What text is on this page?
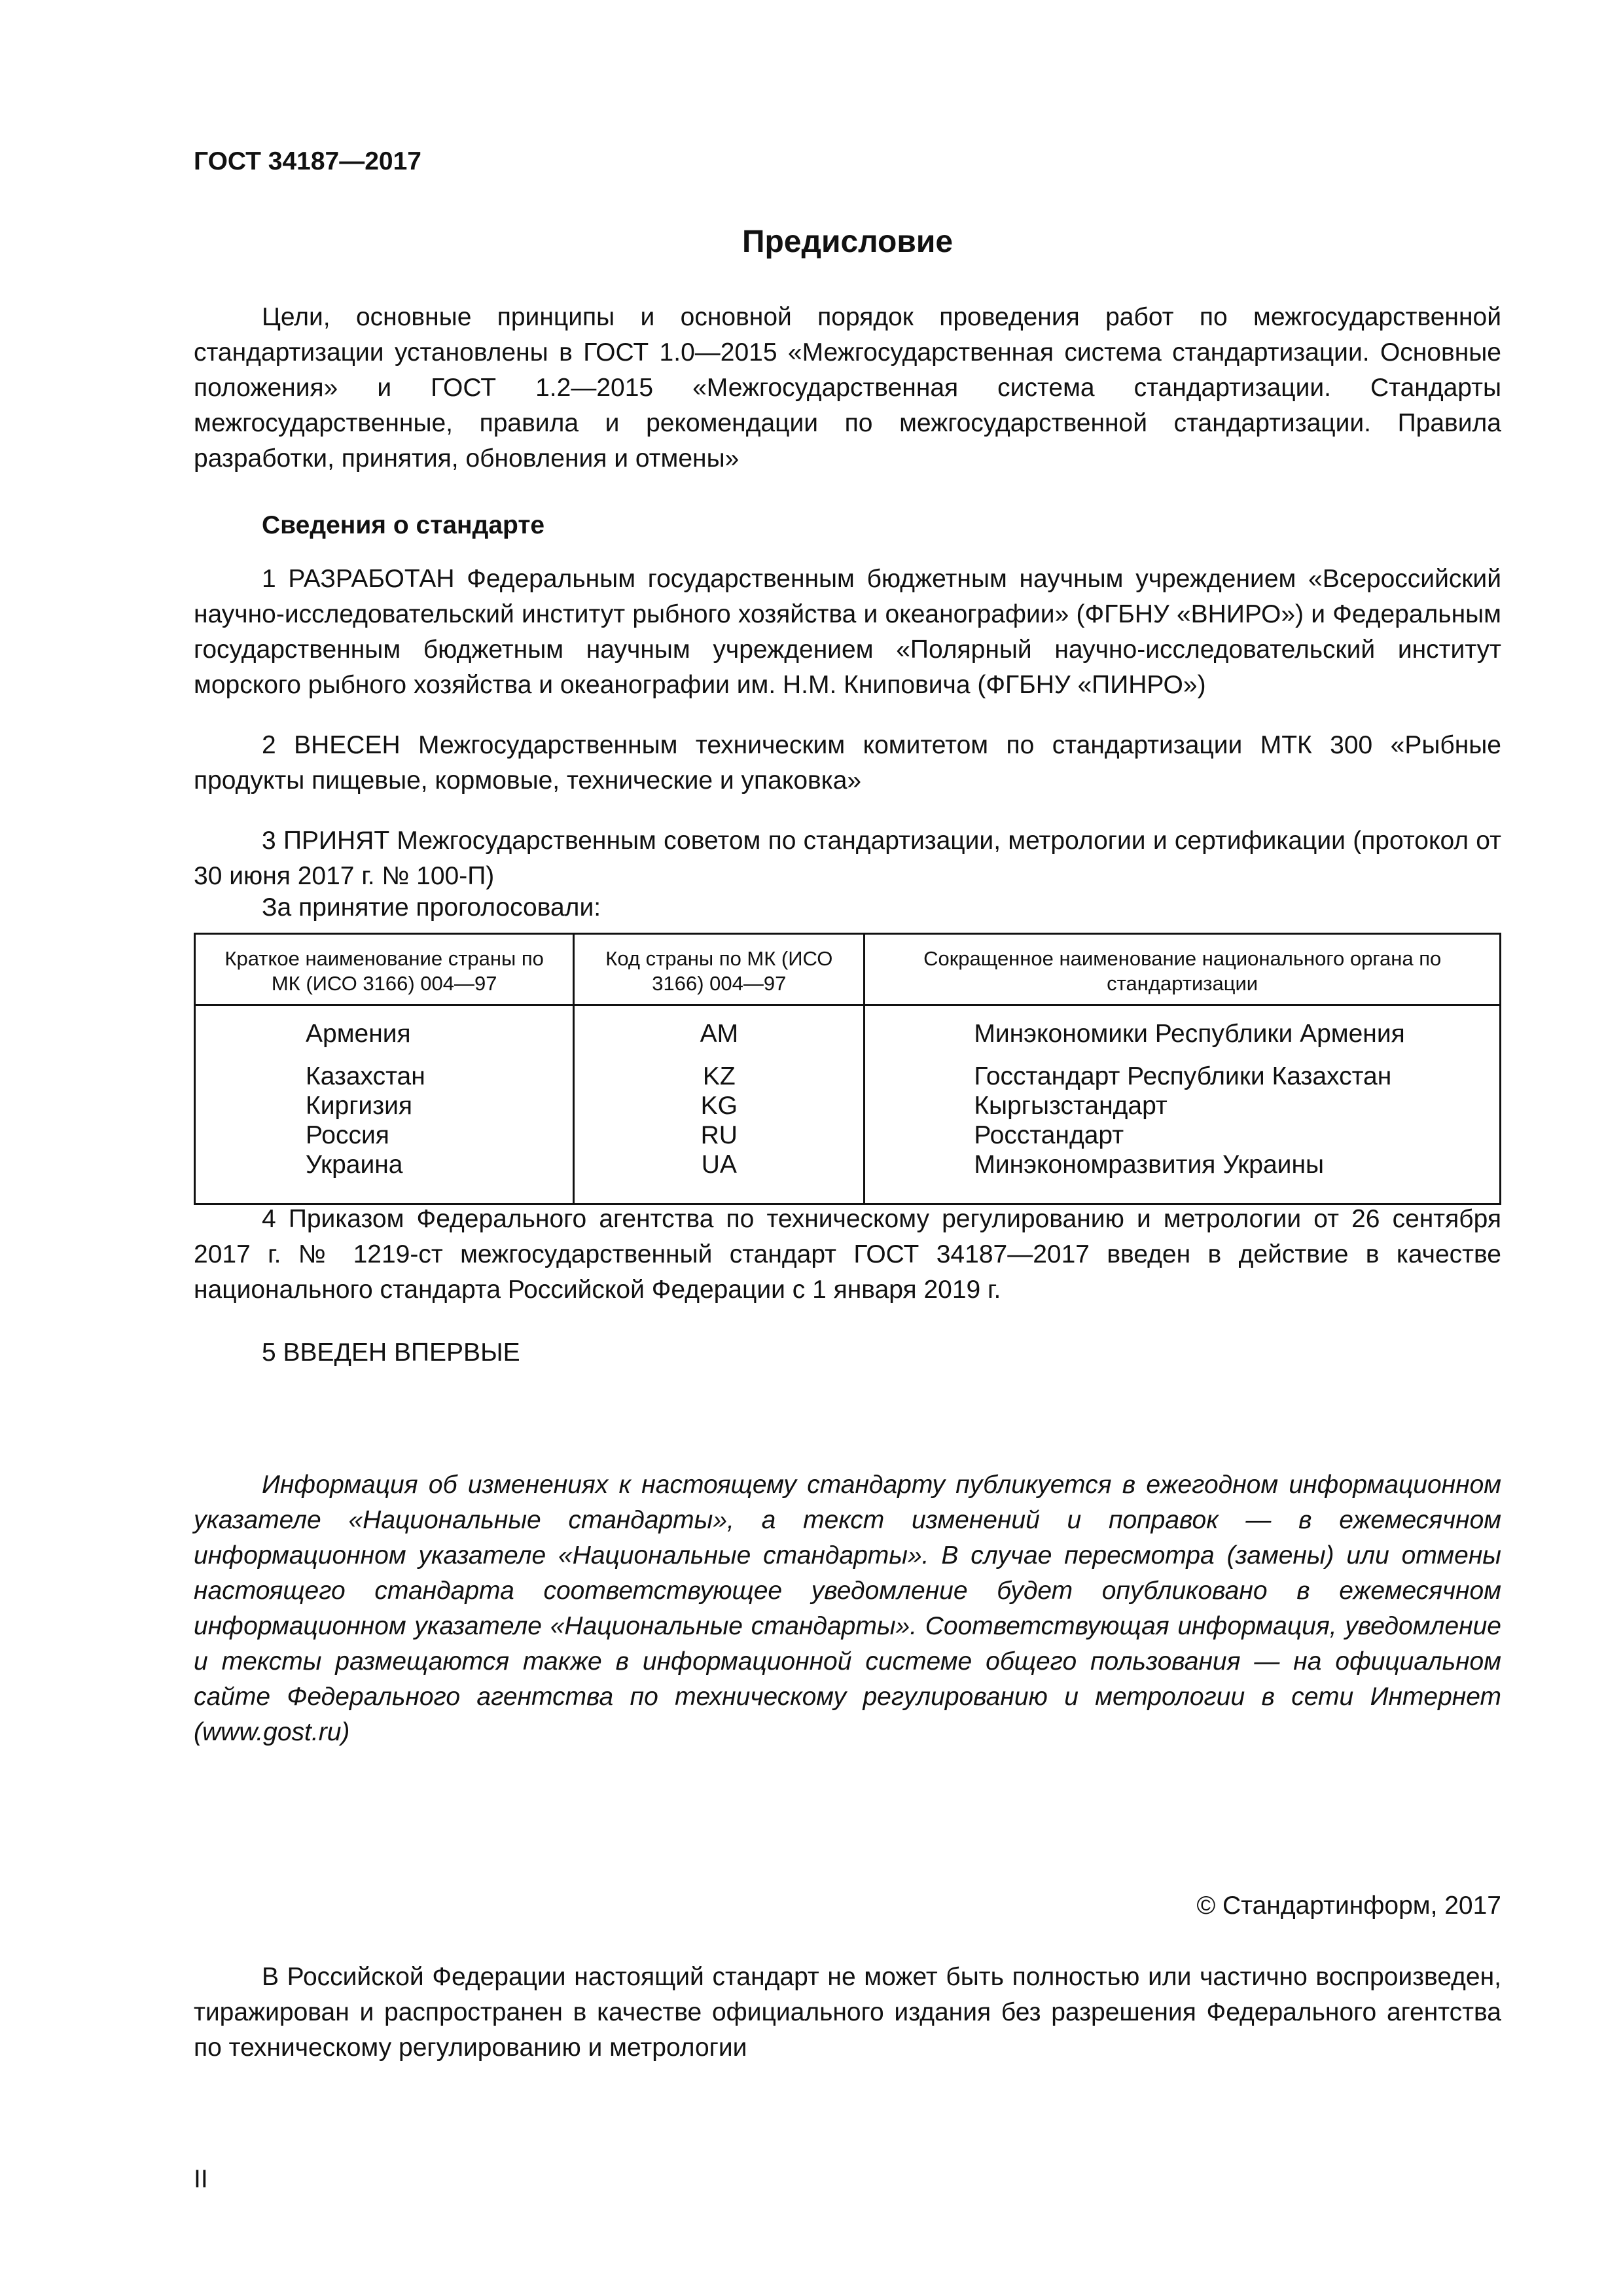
ГОСТ 34187—2017
Предисловие
Цели, основные принципы и основной порядок проведения работ по межгосударственной стандартизации установлены в ГОСТ 1.0—2015 «Межгосударственная система стандартизации. Основные положения» и ГОСТ 1.2—2015 «Межгосударственная система стандартизации. Стандарты межгосударственные, правила и рекомендации по межгосударственной стандартизации. Правила разработки, принятия, обновления и отмены»
Сведения о стандарте
1 РАЗРАБОТАН Федеральным государственным бюджетным научным учреждением «Всероссийский научно-исследовательский институт рыбного хозяйства и океанографии» (ФГБНУ «ВНИРО») и Федеральным государственным бюджетным научным учреждением «Полярный научно-исследовательский институт морского рыбного хозяйства и океанографии им. Н.М. Книповича (ФГБНУ «ПИНРО»)
2 ВНЕСЕН Межгосударственным техническим комитетом по стандартизации МТК 300 «Рыбные продукты пищевые, кормовые, технические и упаковка»
3 ПРИНЯТ Межгосударственным советом по стандартизации, метрологии и сертификации (протокол от 30 июня 2017 г. № 100-П)
За принятие проголосовали:
Краткое наименование страны по МК (ИСО 3166) 004—97	Код страны по МК (ИСО 3166) 004—97	Сокращенное наименование национального органа по стандартизации
Армения	AM	Минэкономики Республики Армения
Казахстан	KZ	Госстандарт Республики Казахстан
Киргизия	KG	Кыргызстандарт
Россия	RU	Росстандарт
Украина	UA	Минэкономразвития Украины
4 Приказом Федерального агентства по техническому регулированию и метрологии от 26 сентября 2017 г. № 1219-ст межгосударственный стандарт ГОСТ 34187—2017 введен в действие в качестве национального стандарта Российской Федерации с 1 января 2019 г.
5 ВВЕДЕН ВПЕРВЫЕ
Информация об изменениях к настоящему стандарту публикуется в ежегодном информационном указателе «Национальные стандарты», а текст изменений и поправок — в ежемесячном информационном указателе «Национальные стандарты». В случае пересмотра (замены) или отмены настоящего стандарта соответствующее уведомление будет опубликовано в ежемесячном информационном указателе «Национальные стандарты». Соответствующая информация, уведомление и тексты размещаются также в информационной системе общего пользования — на официальном сайте Федерального агентства по техническому регулированию и метрологии в сети Интернет (www.gost.ru)
© Стандартинформ, 2017
В Российской Федерации настоящий стандарт не может быть полностью или частично воспроизведен, тиражирован и распространен в качестве официального издания без разрешения Федерального агентства по техническому регулированию и метрологии
II
